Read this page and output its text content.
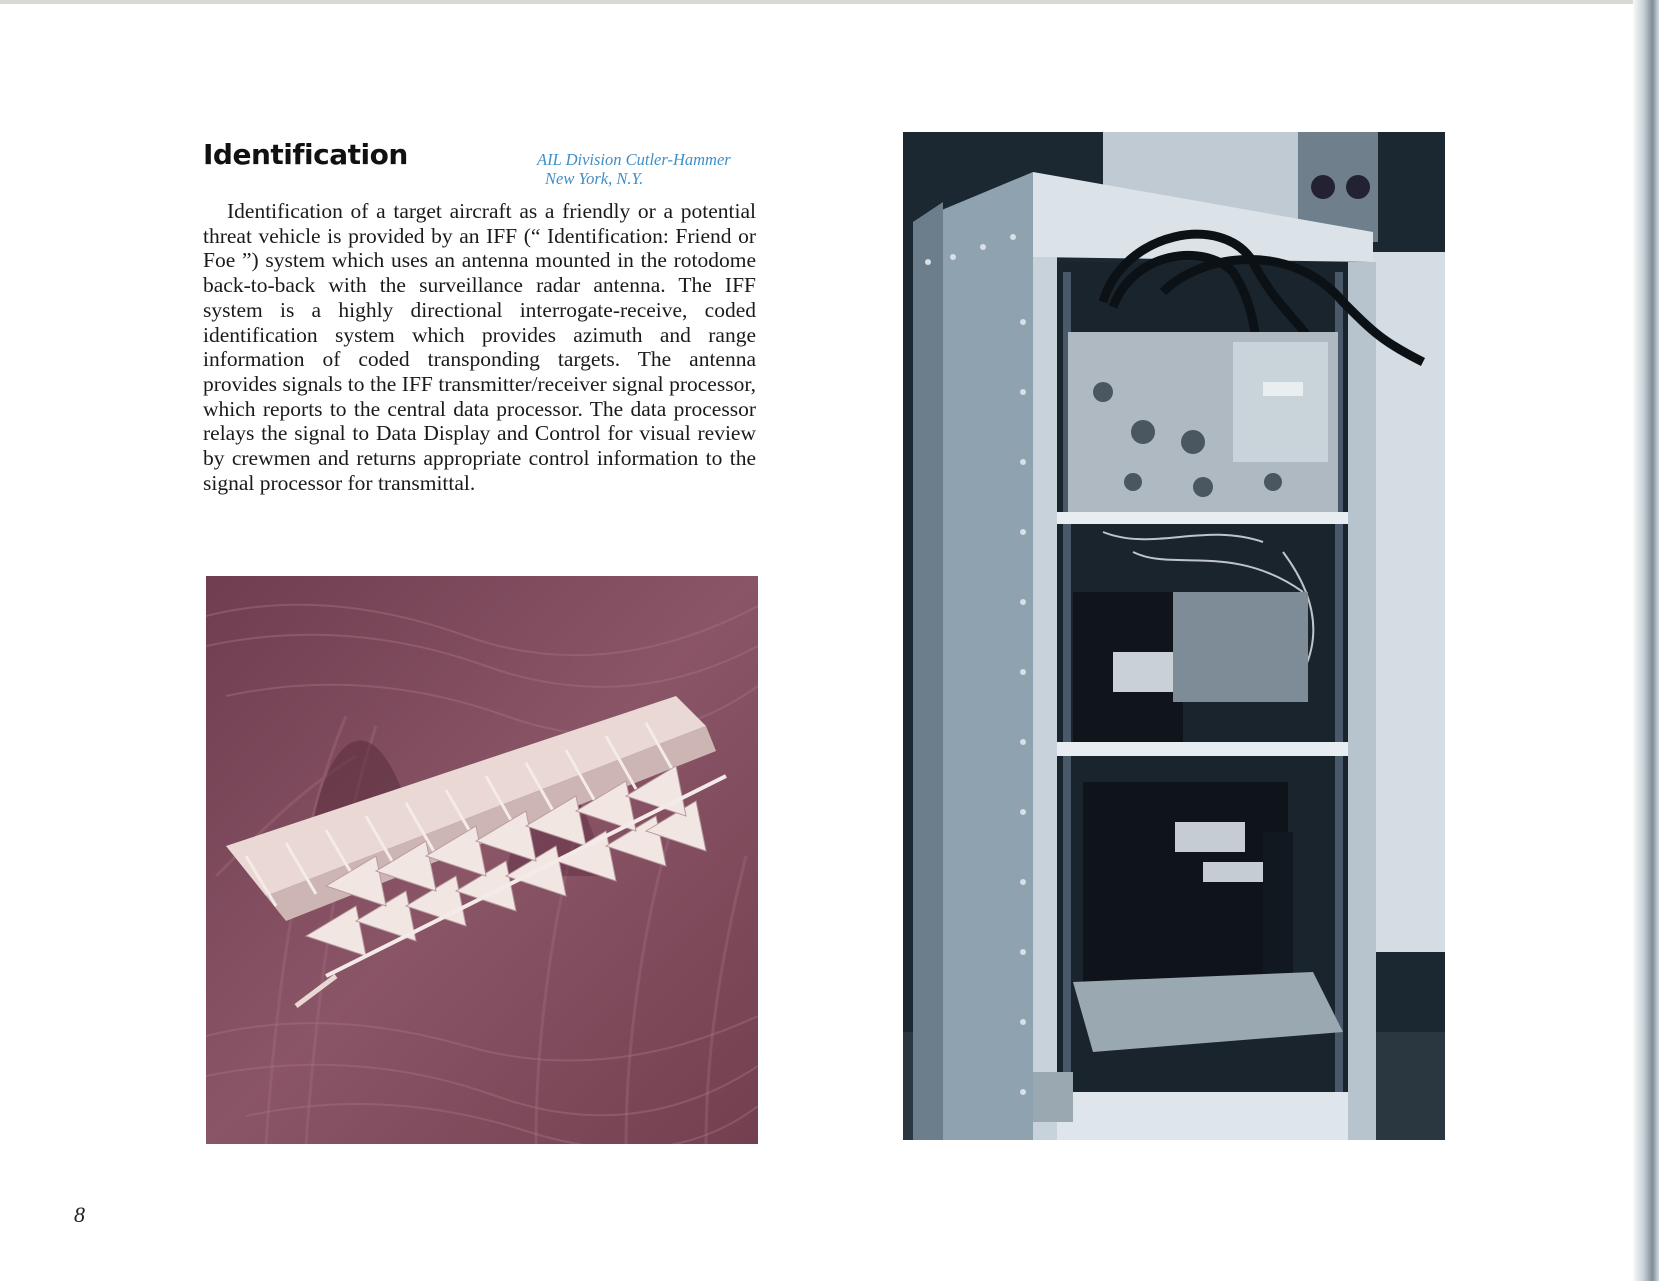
Identification	AIL Division Cutler-Hammer
New York, N.Y.
Identification of a target aircraft as a friendly or a potential threat vehicle is provided by an IFF (“ Identification: Friend or Foe ”) system which uses an antenna mounted in the rotodome back-to-back with the surveillance radar antenna. The IFF system is a highly directional interrogate-receive, coded identification system which provides azimuth and range information of coded transponding targets. The antenna provides signals to the IFF transmitter/receiver signal processor, which reports to the central data processor. The data processor relays the signal to Data Display and Control for visual review by crewmen and returns appropriate control information to the signal processor for transmittal.
8
